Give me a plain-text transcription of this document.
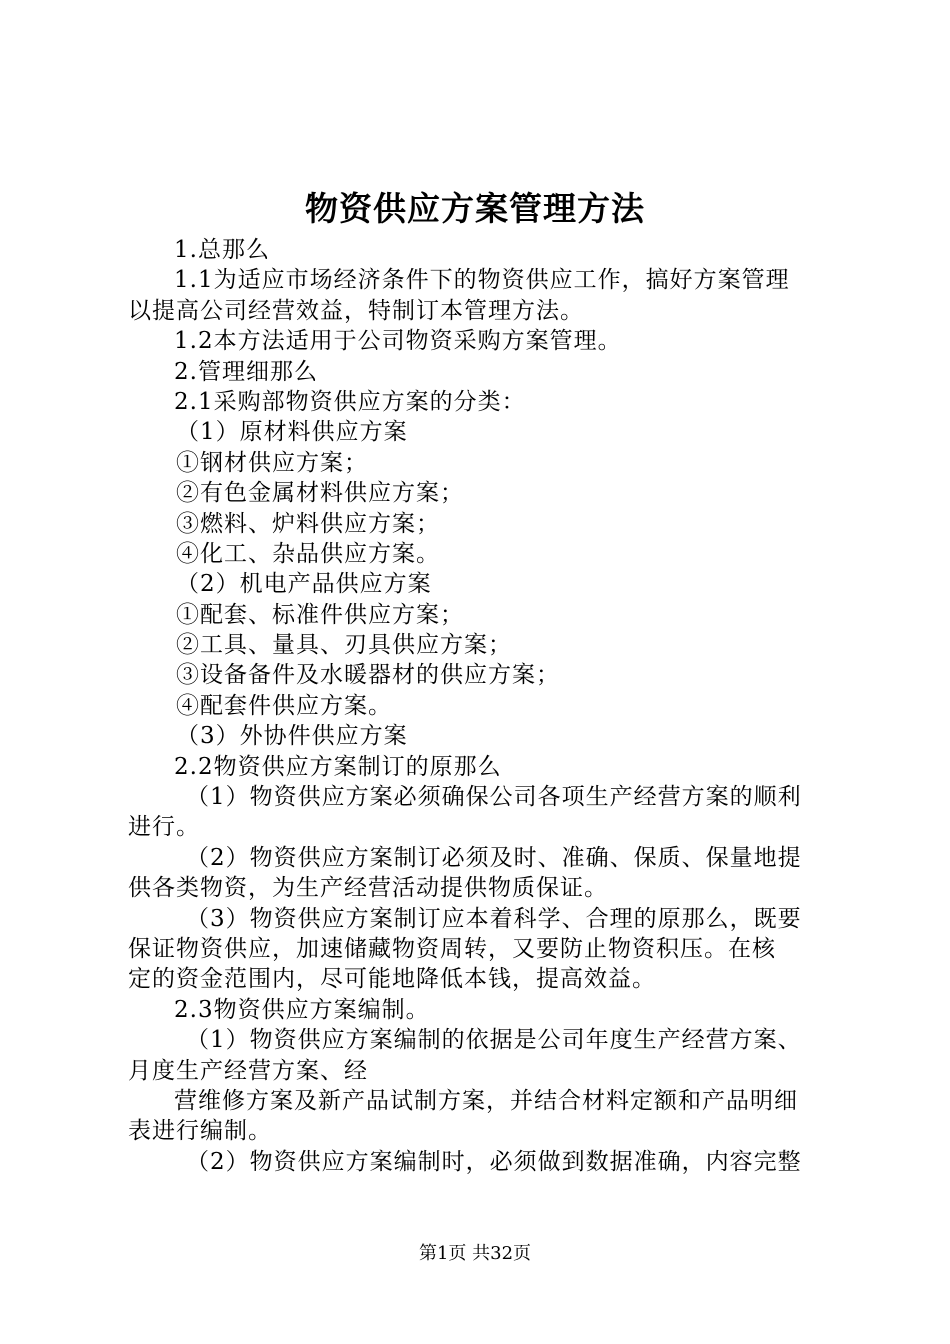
物资供应方案管理方法

1.总那么

1.1为适应市场经济条件下的物资供应工作，搞好方案管理

以提高公司经营效益，特制订本管理方法。

1.2本方法适用于公司物资采购方案管理。

2.管理细那么

2.1采购部物资供应方案的分类：

（1）原材料供应方案

①钢材供应方案；

②有色金属材料供应方案；

③燃料、炉料供应方案；

④化工、杂品供应方案。

（2）机电产品供应方案

①配套、标准件供应方案；

②工具、量具、刃具供应方案；

③设备备件及水暖器材的供应方案；

④配套件供应方案。

（3）外协件供应方案

2.2物资供应方案制订的原那么

（1）物资供应方案必须确保公司各项生产经营方案的顺利

进行。

（2）物资供应方案制订必须及时、准确、保质、保量地提

供各类物资，为生产经营活动提供物质保证。

（3）物资供应方案制订应本着科学、合理的原那么，既要

保证物资供应，加速储藏物资周转，又要防止物资积压。在核

定的资金范围内，尽可能地降低本钱，提高效益。

2.3物资供应方案编制。

（1）物资供应方案编制的依据是公司年度生产经营方案、

月度生产经营方案、经

营维修方案及新产品试制方案，并结合材料定额和产品明细

表进行编制。

（2）物资供应方案编制时，必须做到数据准确，内容完整

第1页 共32页
